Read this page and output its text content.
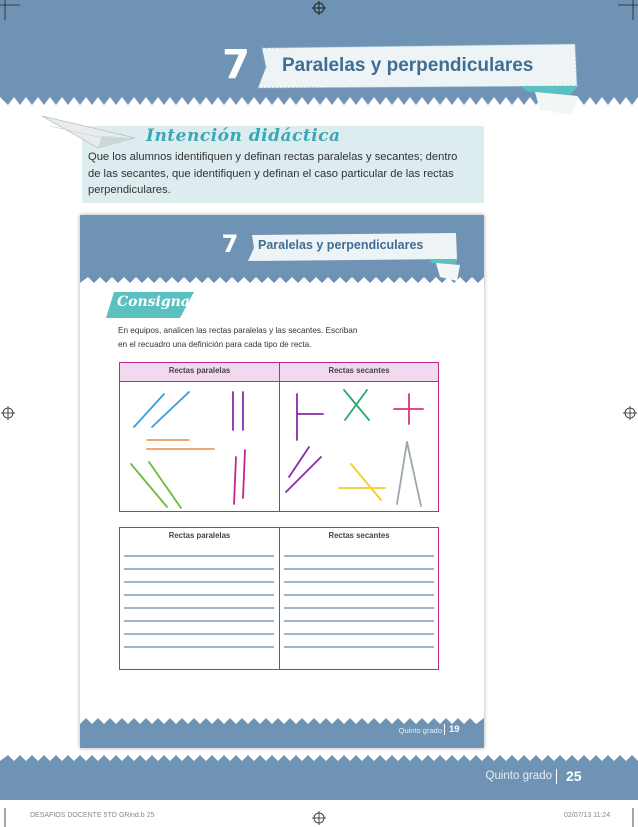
7	Paralelas y perpendiculares
Intención didáctica
Que los alumnos identifiquen y definan rectas paralelas y secantes; dentro
de las secantes, que identifiquen y definan el caso particular de las rectas
perpendiculares.
7 Paralelas y perpendiculares
Consigna
En equipos, analicen las rectas paralelas y las secantes. Escriban
en el recuadro una definición para cada tipo de recta.
Rectas paralelas	Rectas secantes
Rectas paralelas	Rectas secantes
Quinto grado 19
Quinto grado 25
DESAFIOS DOCENTE 5TO GRind.b 25	02/07/13 11:24
